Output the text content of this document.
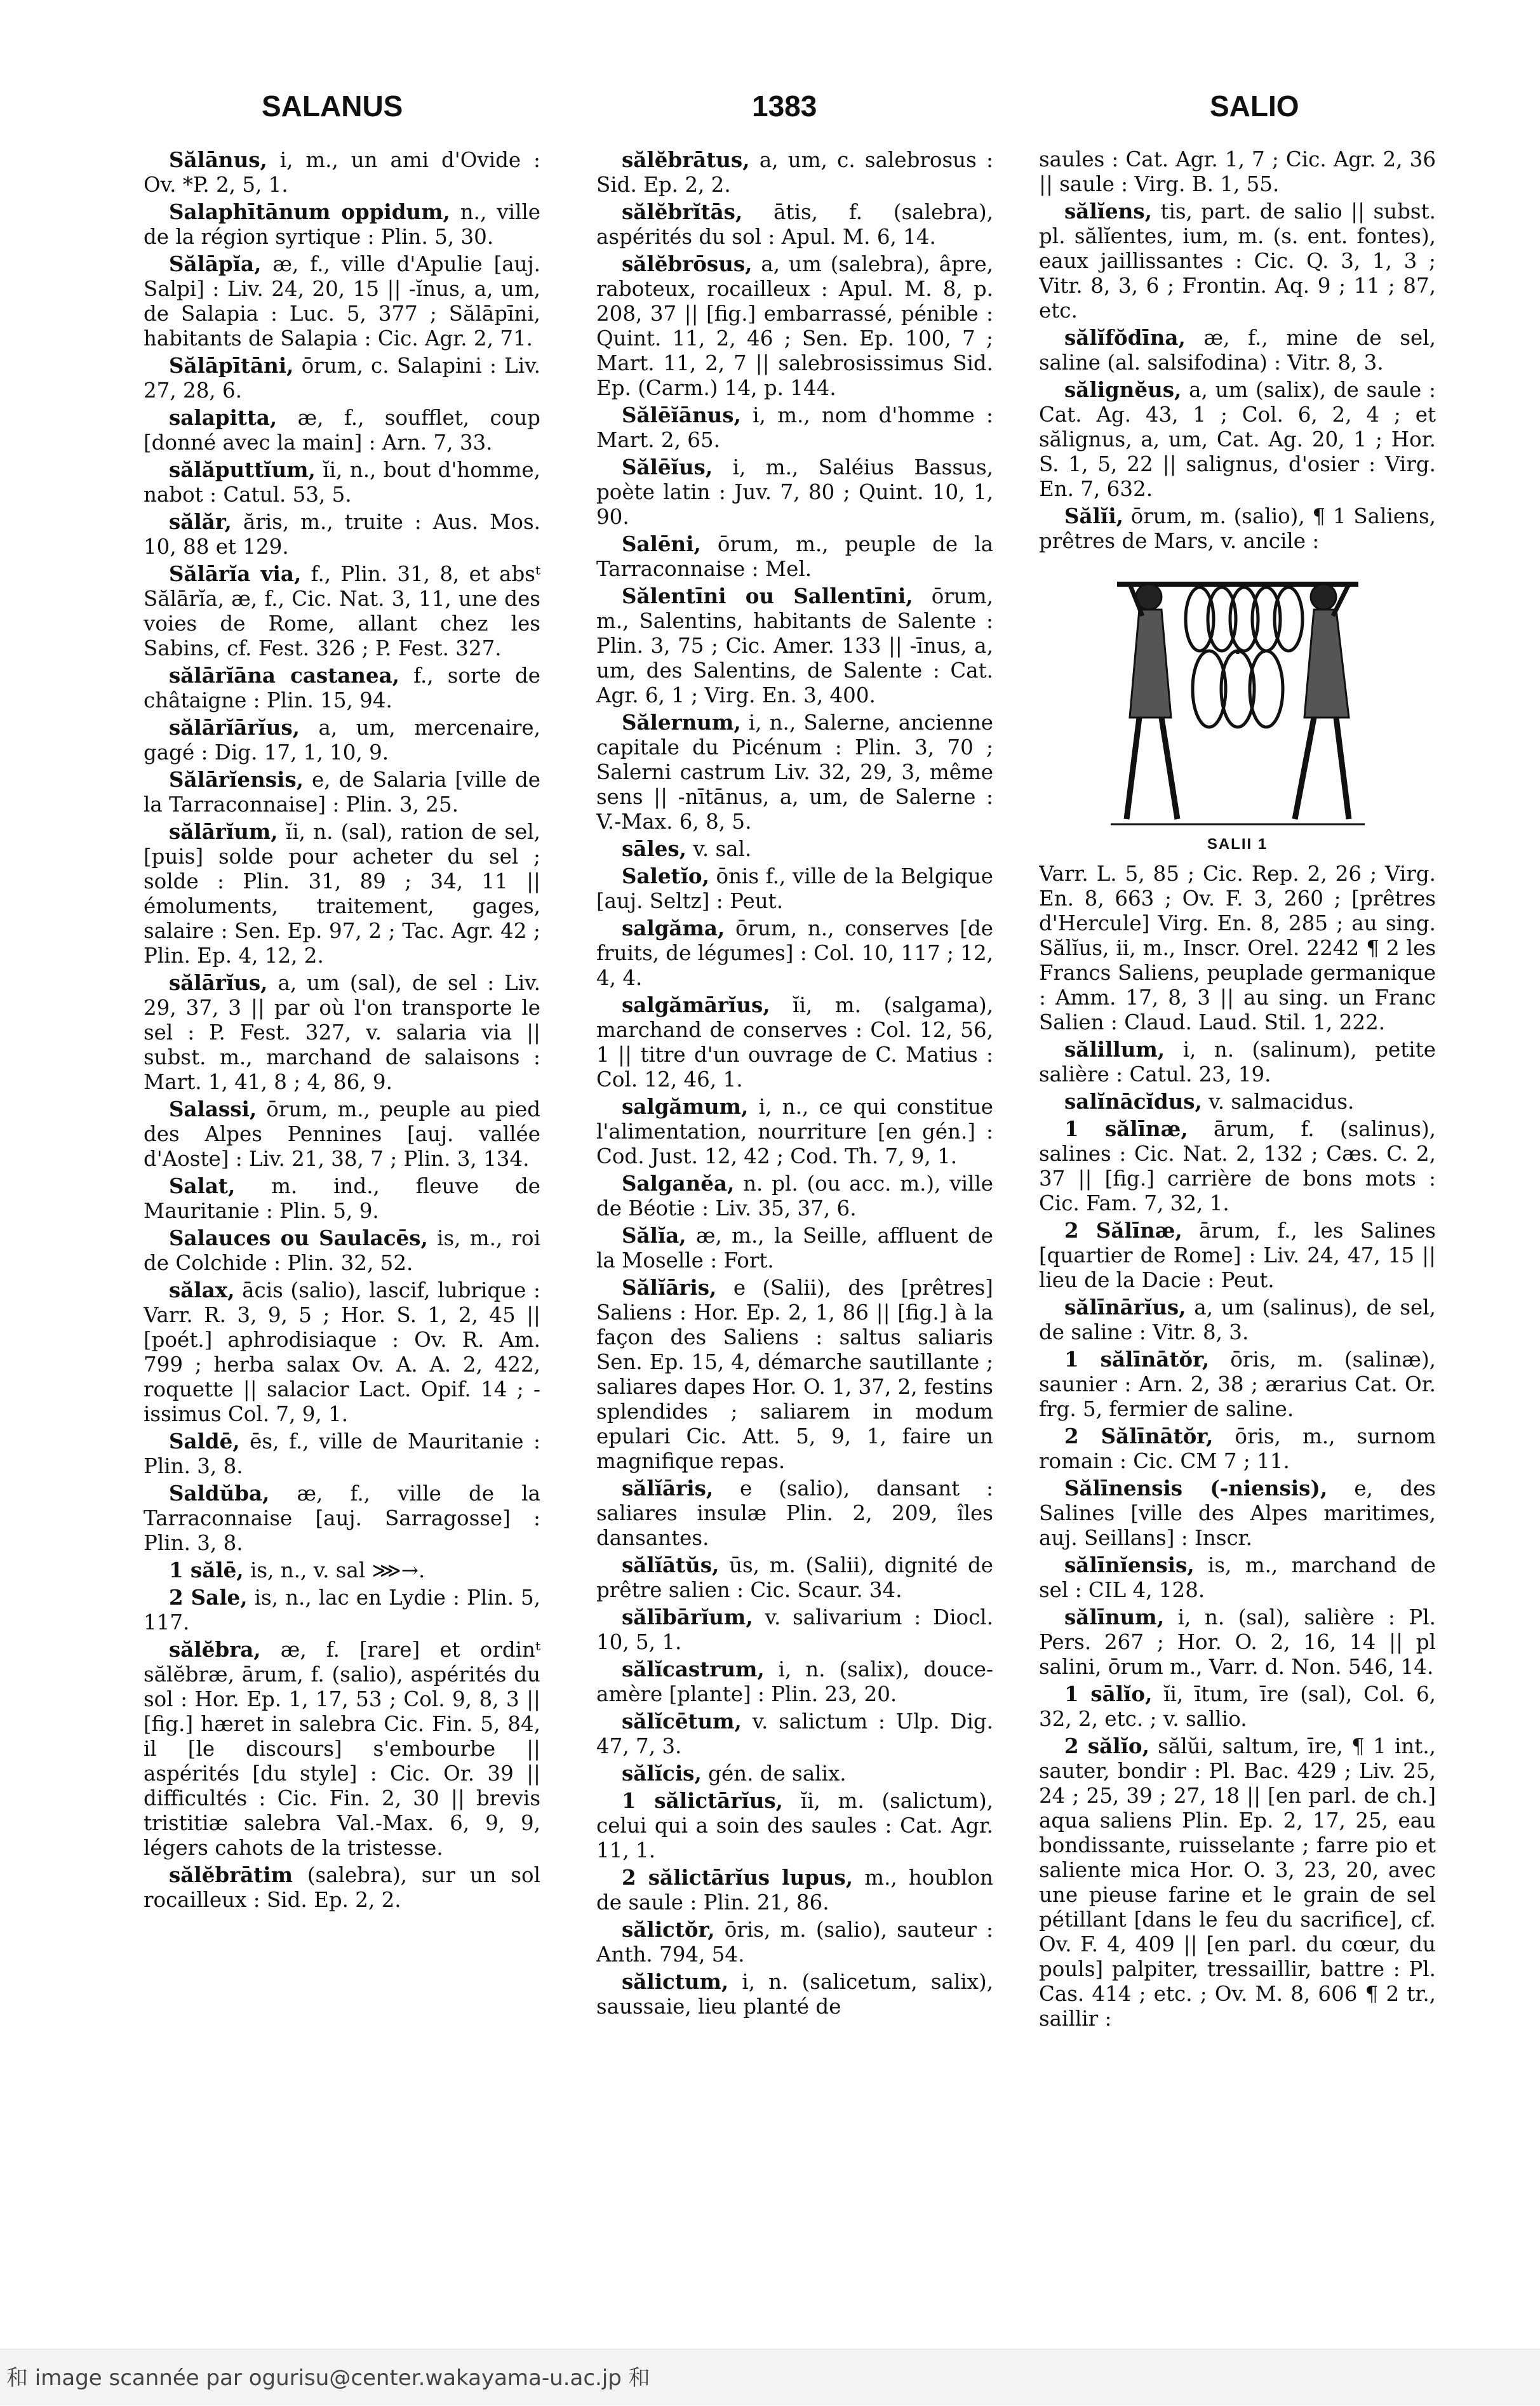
SALANUS	1383	SALIO

Sălānus, i, m., un ami d'Ovide : Ov. *P. 2, 5, 1.

Salaphītānum oppidum, n., ville de la région syrtique : Plin. 5, 30.

Sălāpĭa, æ, f., ville d'Apulie [auj. Salpi] : Liv. 24, 20, 15 || -ĭnus, a, um, de Salapia : Luc. 5, 377 ; Sălāpīni, habitants de Salapia : Cic. Agr. 2, 71.

Sălāpītāni, ōrum, c. Salapini : Liv. 27, 28, 6.

salapitta, æ, f., soufflet, coup [donné avec la main] : Arn. 7, 33.

sălăputtĭum, ĭi, n., bout d'homme, nabot : Catul. 53, 5.

sălăr, ăris, m., truite : Aus. Mos. 10, 88 et 129.

Sălārĭa via, f., Plin. 31, 8, et absᵗ Sălārĭa, æ, f., Cic. Nat. 3, 11, une des voies de Rome, allant chez les Sabins, cf. Fest. 326 ; P. Fest. 327.

sălārĭāna castanea, f., sorte de châtaigne : Plin. 15, 94.

sălārĭārĭus, a, um, mercenaire, gagé : Dig. 17, 1, 10, 9.

Sălārĭensis, e, de Salaria [ville de la Tarraconnaise] : Plin. 3, 25.

sălārĭum, ĭi, n. (sal), ration de sel, [puis] solde pour acheter du sel ; solde : Plin. 31, 89 ; 34, 11 || émoluments, traitement, gages, salaire : Sen. Ep. 97, 2 ; Tac. Agr. 42 ; Plin. Ep. 4, 12, 2.

sălārĭus, a, um (sal), de sel : Liv. 29, 37, 3 || par où l'on transporte le sel : P. Fest. 327, v. salaria via || subst. m., marchand de salaisons : Mart. 1, 41, 8 ; 4, 86, 9.

Salassi, ōrum, m., peuple au pied des Alpes Pennines [auj. vallée d'Aoste] : Liv. 21, 38, 7 ; Plin. 3, 134.

Salat, m. ind., fleuve de Mauritanie : Plin. 5, 9.

Salauces ou Saulacēs, is, m., roi de Colchide : Plin. 32, 52.

sălax, ācis (salio), lascif, lubrique : Varr. R. 3, 9, 5 ; Hor. S. 1, 2, 45 || [poét.] aphrodisiaque : Ov. R. Am. 799 ; herba salax Ov. A. A. 2, 422, roquette || salacior Lact. Opif. 14 ; -issimus Col. 7, 9, 1.

Saldē, ēs, f., ville de Mauritanie : Plin. 3, 8.

Saldŭba, æ, f., ville de la Tarraconnaise [auj. Sarragosse] : Plin. 3, 8.

1 sălē, is, n., v. sal ⋙→.

2 Sale, is, n., lac en Lydie : Plin. 5, 117.

sălĕbra, æ, f. [rare] et ordinᵗ sălĕbræ, ārum, f. (salio), aspérités du sol : Hor. Ep. 1, 17, 53 ; Col. 9, 8, 3 || [fig.] hæret in salebra Cic. Fin. 5, 84, il [le discours] s'embourbe || aspérités [du style] : Cic. Or. 39 || difficultés : Cic. Fin. 2, 30 || brevis tristitiæ salebra Val.-Max. 6, 9, 9, légers cahots de la tristesse.

sălĕbrātim (salebra), sur un sol rocailleux : Sid. Ep. 2, 2.

sălĕbrātus, a, um, c. salebrosus : Sid. Ep. 2, 2.

sălĕbrĭtās, ātis, f. (salebra), aspérités du sol : Apul. M. 6, 14.

sălĕbrōsus, a, um (salebra), âpre, raboteux, rocailleux : Apul. M. 8, p. 208, 37 || [fig.] embarrassé, pénible : Quint. 11, 2, 46 ; Sen. Ep. 100, 7 ; Mart. 11, 2, 7 || salebrosissimus Sid. Ep. (Carm.) 14, p. 144.

Sălēĭānus, i, m., nom d'homme : Mart. 2, 65.

Sălēĭus, i, m., Saléius Bassus, poète latin : Juv. 7, 80 ; Quint. 10, 1, 90.

Salēni, ōrum, m., peuple de la Tarraconnaise : Mel.

Sălentīni ou Sallentīni, ōrum, m., Salentins, habitants de Salente : Plin. 3, 75 ; Cic. Amer. 133 || -īnus, a, um, des Salentins, de Salente : Cat. Agr. 6, 1 ; Virg. En. 3, 400.

Sălernum, i, n., Salerne, ancienne capitale du Picénum : Plin. 3, 70 ; Salerni castrum Liv. 32, 29, 3, même sens || -nītānus, a, um, de Salerne : V.-Max. 6, 8, 5.

sāles, v. sal.

Saletĭo, ōnis f., ville de la Belgique [auj. Seltz] : Peut.

salgăma, ōrum, n., conserves [de fruits, de légumes] : Col. 10, 117 ; 12, 4, 4.

salgămārĭus, ĭi, m. (salgama), marchand de conserves : Col. 12, 56, 1 || titre d'un ouvrage de C. Matius : Col. 12, 46, 1.

salgămum, i, n., ce qui constitue l'alimentation, nourriture [en gén.] : Cod. Just. 12, 42 ; Cod. Th. 7, 9, 1.

Salganĕa, n. pl. (ou acc. m.), ville de Béotie : Liv. 35, 37, 6.

Sălĭa, æ, m., la Seille, affluent de la Moselle : Fort.

Sălĭāris, e (Salii), des [prêtres] Saliens : Hor. Ep. 2, 1, 86 || [fig.] à la façon des Saliens : saltus saliaris Sen. Ep. 15, 4, démarche sautillante ; saliares dapes Hor. O. 1, 37, 2, festins splendides ; saliarem in modum epulari Cic. Att. 5, 9, 1, faire un magnifique repas.

sălĭāris, e (salio), dansant : saliares insulæ Plin. 2, 209, îles dansantes.

sălĭātŭs, ūs, m. (Salii), dignité de prêtre salien : Cic. Scaur. 34.

sălībārĭum, v. salivarium : Diocl. 10, 5, 1.

sălĭcastrum, i, n. (salix), douce-amère [plante] : Plin. 23, 20.

sălĭcētum, v. salictum : Ulp. Dig. 47, 7, 3.

sălĭcis, gén. de salix.

1 sălictārĭus, ĭi, m. (salictum), celui qui a soin des saules : Cat. Agr. 11, 1.

2 sălictārĭus lupus, m., houblon de saule : Plin. 21, 86.

sălictŏr, ōris, m. (salio), sauteur : Anth. 794, 54.

sălictum, i, n. (salicetum, salix), saussaie, lieu planté de

saules : Cat. Agr. 1, 7 ; Cic. Agr. 2, 36 || saule : Virg. B. 1, 55.

sălĭens, tis, part. de salio || subst. pl. sălĭentes, ium, m. (s. ent. fontes), eaux jaillissantes : Cic. Q. 3, 1, 3 ; Vitr. 8, 3, 6 ; Frontin. Aq. 9 ; 11 ; 87, etc.

sălĭfŏdīna, æ, f., mine de sel, saline (al. salsifodina) : Vitr. 8, 3.

sălignĕus, a, um (salix), de saule : Cat. Ag. 43, 1 ; Col. 6, 2, 4 ; et sălignus, a, um, Cat. Ag. 20, 1 ; Hor. S. 1, 5, 22 || salignus, d'osier : Virg. En. 7, 632.

Sălĭi, ōrum, m. (salio), ¶ 1 Saliens, prêtres de Mars, v. ancile :

SALII 1

Varr. L. 5, 85 ; Cic. Rep. 2, 26 ; Virg. En. 8, 663 ; Ov. F. 3, 260 ; [prêtres d'Hercule] Virg. En. 8, 285 ; au sing. Sălĭus, ii, m., Inscr. Orel. 2242 ¶ 2 les Francs Saliens, peuplade germanique : Amm. 17, 8, 3 || au sing. un Franc Salien : Claud. Laud. Stil. 1, 222.

sălillum, i, n. (salinum), petite salière : Catul. 23, 19.

salĭnācĭdus, v. salmacidus.

1 sălīnæ, ārum, f. (salinus), salines : Cic. Nat. 2, 132 ; Cæs. C. 2, 37 || [fig.] carrière de bons mots : Cic. Fam. 7, 32, 1.

2 Sălīnæ, ārum, f., les Salines [quartier de Rome] : Liv. 24, 47, 15 || lieu de la Dacie : Peut.

sălīnārĭus, a, um (salinus), de sel, de saline : Vitr. 8, 3.

1 sălīnātŏr, ōris, m. (salinæ), saunier : Arn. 2, 38 ; ærarius Cat. Or. frg. 5, fermier de saline.

2 Sălīnātŏr, ōris, m., surnom romain : Cic. CM 7 ; 11.

Sălīnensis (-niensis), e, des Salines [ville des Alpes maritimes, auj. Seillans] : Inscr.

sălīnĭensis, is, m., marchand de sel : CIL 4, 128.

sălīnum, i, n. (sal), salière : Pl. Pers. 267 ; Hor. O. 2, 16, 14 || pl salini, ōrum m., Varr. d. Non. 546, 14.

1 sālĭo, ĭi, ītum, īre (sal), Col. 6, 32, 2, etc. ; v. sallio.

2 sălĭo, sălŭi, saltum, īre, ¶ 1 int., sauter, bondir : Pl. Bac. 429 ; Liv. 25, 24 ; 25, 39 ; 27, 18 || [en parl. de ch.] aqua saliens Plin. Ep. 2, 17, 25, eau bondissante, ruisselante ; farre pio et saliente mica Hor. O. 3, 23, 20, avec une pieuse farine et le grain de sel pétillant [dans le feu du sacrifice], cf. Ov. F. 4, 409 || [en parl. du cœur, du pouls] palpiter, tressaillir, battre : Pl. Cas. 414 ; etc. ; Ov. M. 8, 606 ¶ 2 tr., saillir :

和 image scannée par ogurisu@center.wakayama-u.ac.jp 和
